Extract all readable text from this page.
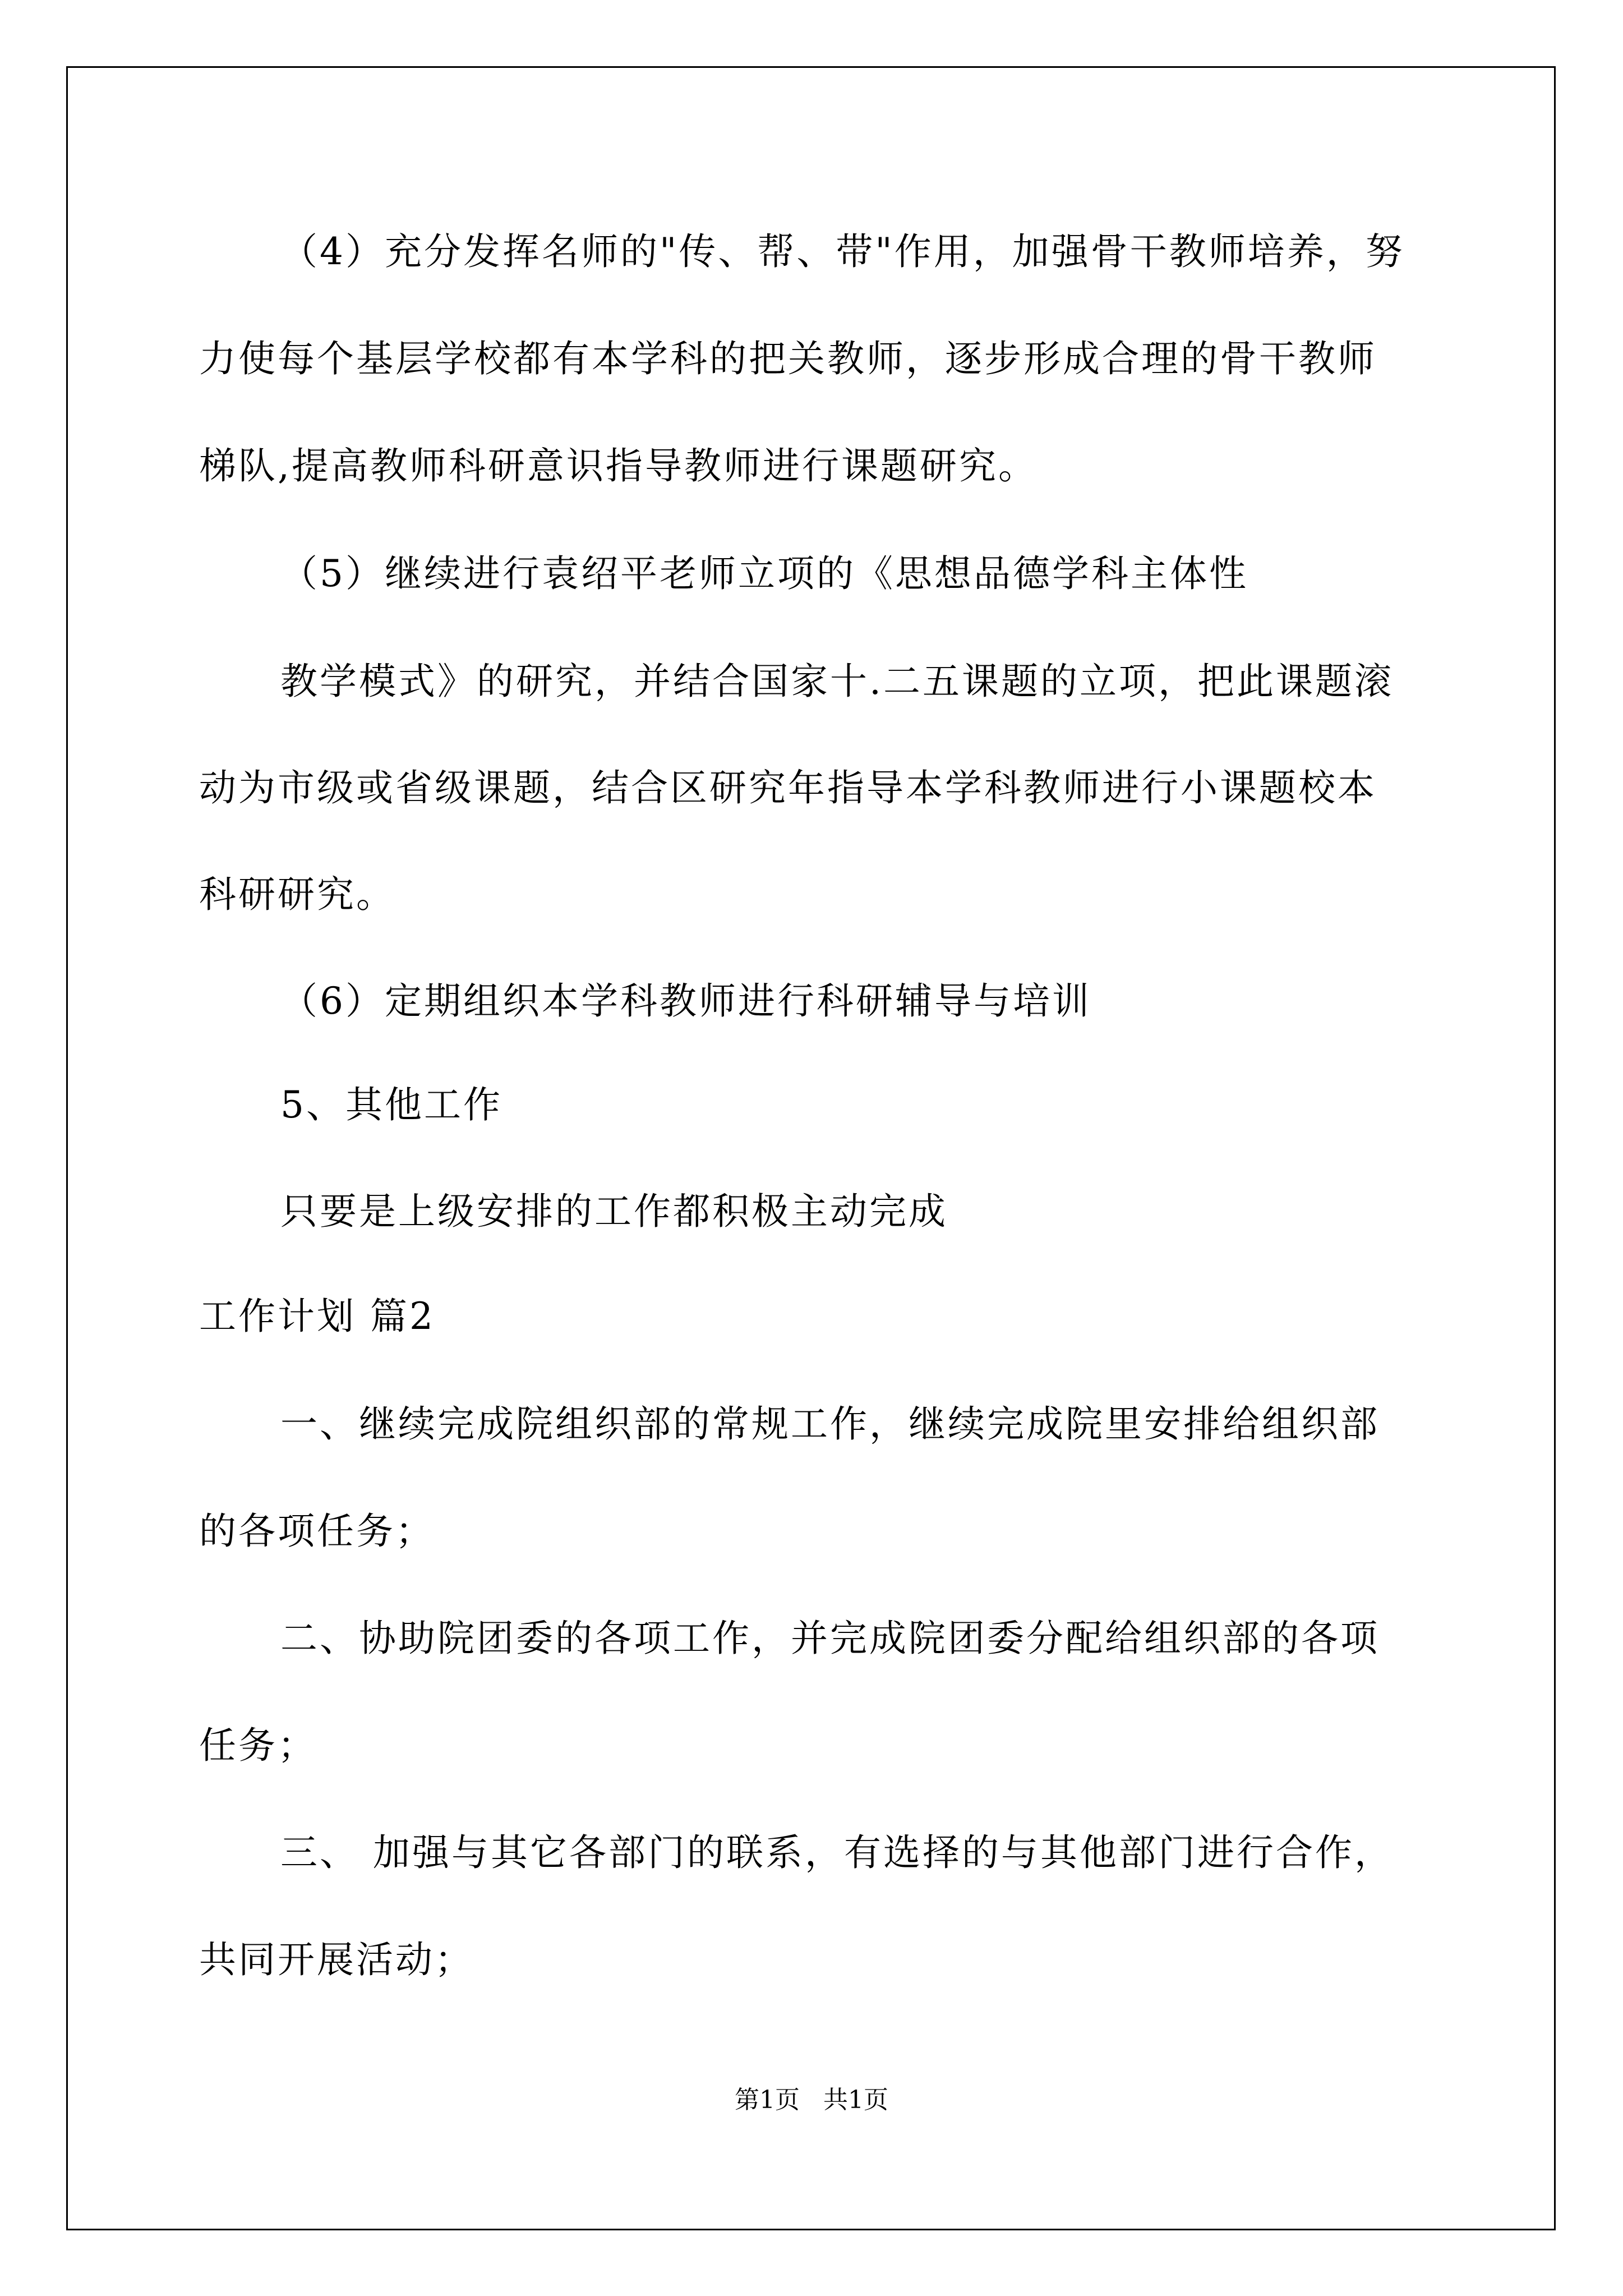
（4）充分发挥名师的"传、帮、带"作用，加强骨干教师培养，努
力使每个基层学校都有本学科的把关教师，逐步形成合理的骨干教师
梯队,提高教师科研意识指导教师进行课题研究。
（5）继续进行袁绍平老师立项的《思想品德学科主体性
教学模式》的研究，并结合国家十.二五课题的立项，把此课题滚
动为市级或省级课题，结合区研究年指导本学科教师进行小课题校本
科研研究。
（6）定期组织本学科教师进行科研辅导与培训
5、其他工作
只要是上级安排的工作都积极主动完成
工作计划 篇2
一、继续完成院组织部的常规工作，继续完成院里安排给组织部
的各项任务；
二、协助院团委的各项工作，并完成院团委分配给组织部的各项
任务；
三、 加强与其它各部门的联系，有选择的与其他部门进行合作，
共同开展活动；
第1页   共1页
